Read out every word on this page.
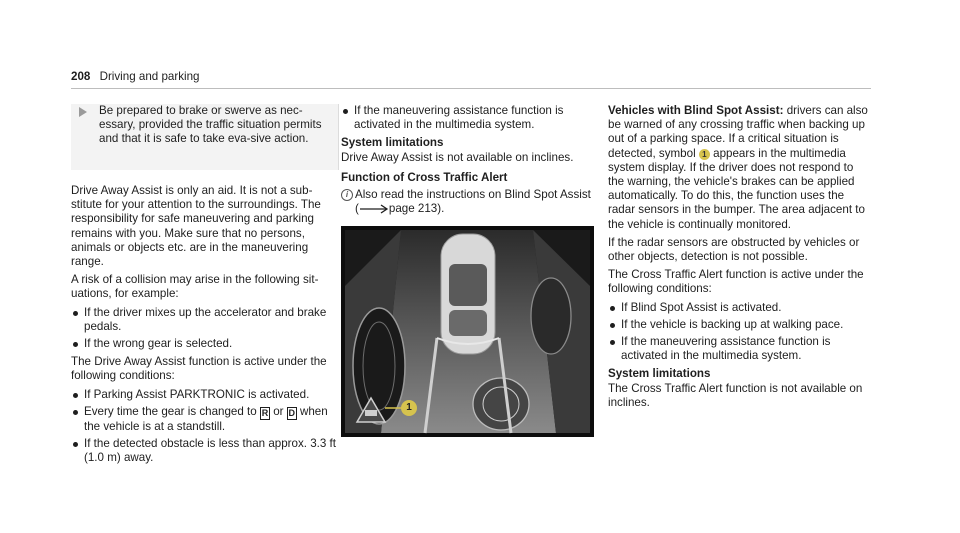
208 Driving and parking
Be prepared to brake or swerve as nec-essary, provided the traffic situation permits and that it is safe to take eva-sive action.

Drive Away Assist is only an aid. It is not a sub-stitute for your attention to the surroundings. The responsibility for safe maneuvering and parking remains with you. Make sure that no persons, animals or objects etc. are in the maneuvering range.

A risk of a collision may arise in the following sit-uations, for example:

If the driver mixes up the accelerator and brake pedals.
If the wrong gear is selected.

The Drive Away Assist function is active under the following conditions:

If Parking Assist PARKTRONIC is activated.
Every time the gear is changed to R or D when the vehicle is at a standstill.
If the detected obstacle is less than approx. 3.3 ft (1.0 m) away.
If the maneuvering assistance function is activated in the multimedia system.
System limitations

Drive Away Assist is not available on inclines.

Function of Cross Traffic Alert
i Also read the instructions on Blind Spot Assist (	page 213).
1

Vehicles with Blind Spot Assist: drivers can also be warned of any crossing traffic when backing up out of a parking space. If a critical situation is detected, symbol 1 appears in the multimedia system display. If the driver does not respond to the warning, the vehicle's brakes can be applied automatically. To do this, the function uses the radar sensors in the bumper. The area adjacent to the vehicle is continually monitored.

If the radar sensors are obstructed by vehicles or other objects, detection is not possible.

The Cross Traffic Alert function is active under the following conditions:

If Blind Spot Assist is activated.
If the vehicle is backing up at walking pace.
If the maneuvering assistance function is activated in the multimedia system.
System limitations

The Cross Traffic Alert function is not available on inclines.
